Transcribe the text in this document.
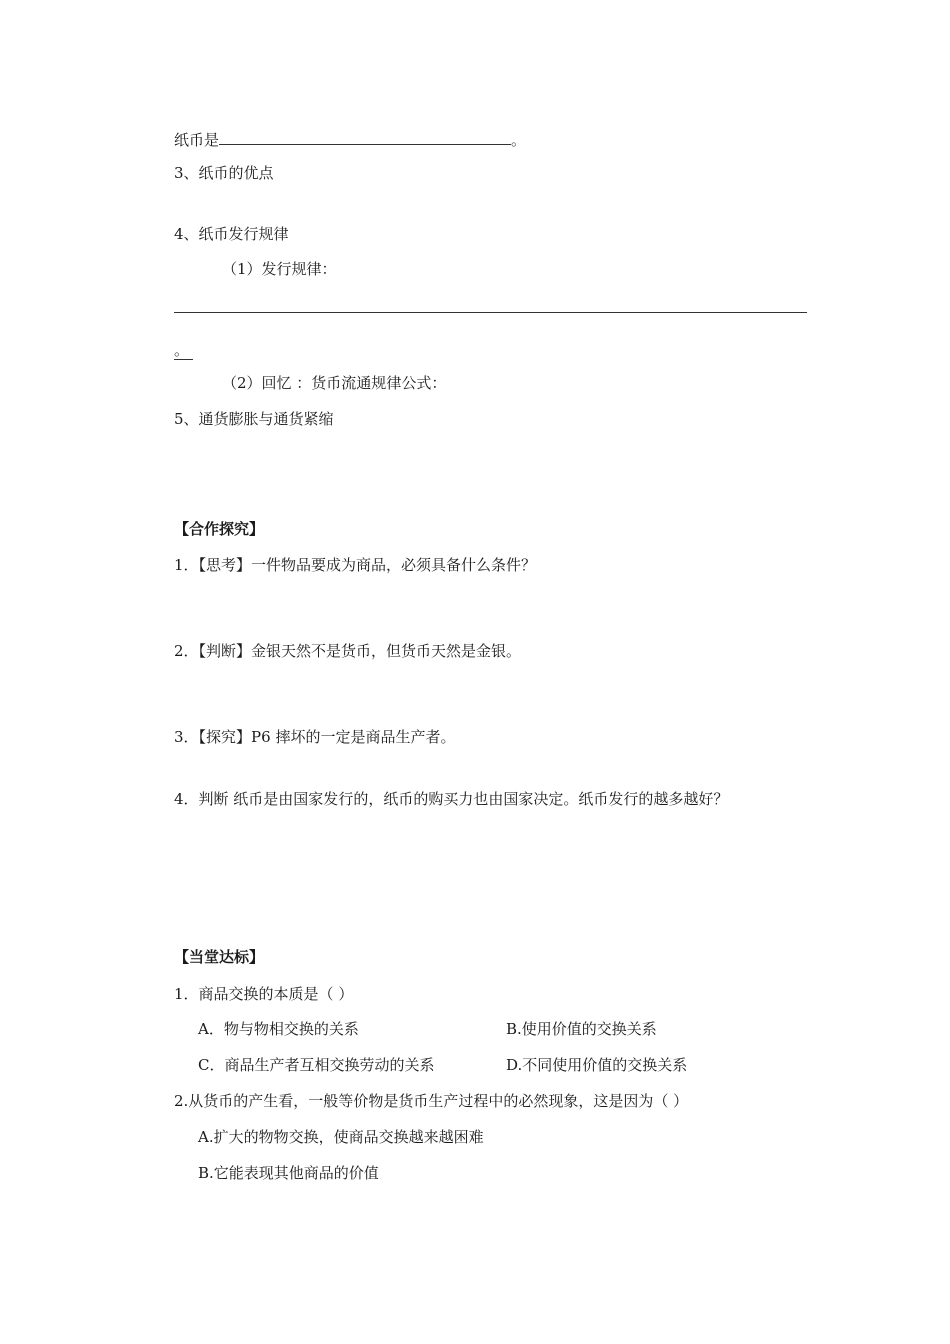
纸币是	。
3、纸币的优点
4、纸币发行规律
（1）发行规律：
。
（2）回忆 ：货币流通规律公式：
5、通货膨胀与通货紧缩
【合作探究】
1．【思考】一件物品要成为商品，必须具备什么条件？
2．【判断】金银天然不是货币，但货币天然是金银。
3．【探究】P6 摔坏的一定是商品生产者。
4．判断 纸币是由国家发行的，纸币的购买力也由国家决定。纸币发行的越多越好？
【当堂达标】
1．商品交换的本质是（ ）
A．物与物相交换的关系	B.使用价值的交换关系
C．商品生产者互相交换劳动的关系	D.不同使用价值的交换关系
2.从货币的产生看，一般等价物是货币生产过程中的必然现象，这是因为（ ）
A.扩大的物物交换，使商品交换越来越困难
B.它能表现其他商品的价值
